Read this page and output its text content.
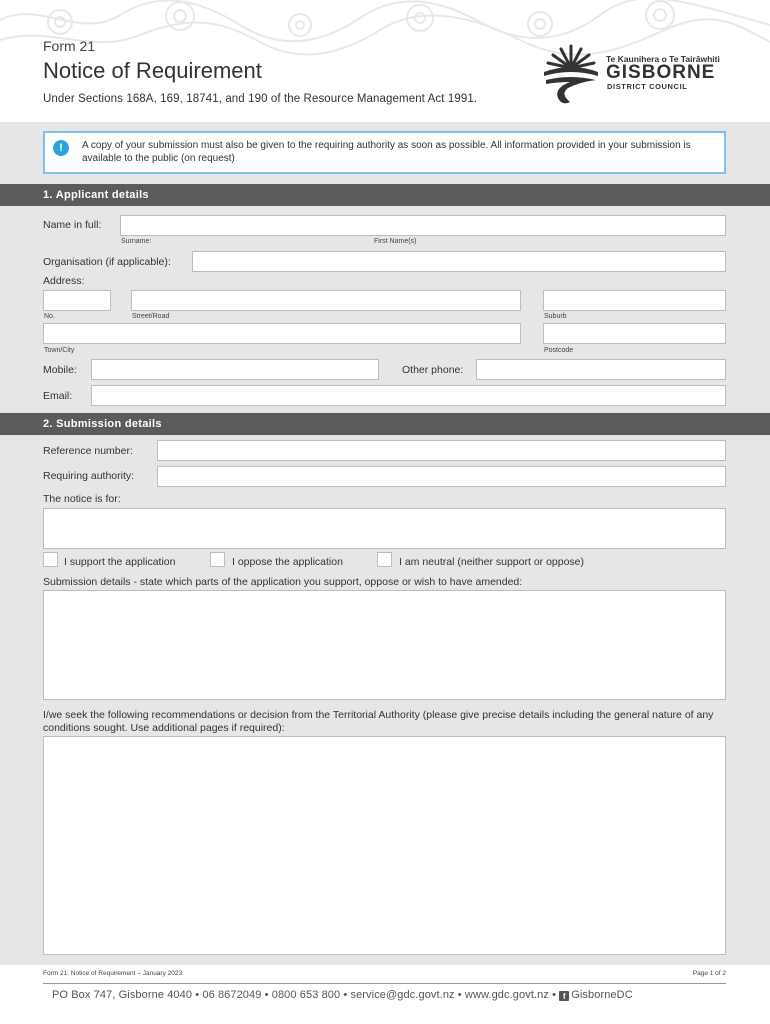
Form 21
Notice of Requirement
Under Sections 168A, 169, 18741, and 190 of the Resource Management Act 1991.
Te Kaunihera o Te Tairāwhiti
GISBORNE
DISTRICT COUNCIL
!	A copy of your submission must also be given to the requiring authority as soon as possible. All information provided in your submission is available to the public (on request)
1. Applicant details
Name in full:
Surname:	First Name(s)
Organisation (if applicable):
Address:
No.	Street/Road	Suburb
Town/City	Postcode
Mobile:	Other phone:
Email:
2. Submission details
Reference number:
Requiring authority:
The notice is for:
I support the application	I oppose the application	I am neutral (neither support or oppose)
Submission details - state which parts of the application you support, oppose or wish to have amended:
I/we seek the following recommendations or decision from the Territorial Authority (please give precise details including the general nature of any conditions sought. Use additional pages if required):
Form 21: Notice of Requirement – January 2023	Page 1 of 2
PO Box 747, Gisborne 4040 • 06 8672049 • 0800 653 800 • service@gdc.govt.nz • www.gdc.govt.nz • f GisborneDC
